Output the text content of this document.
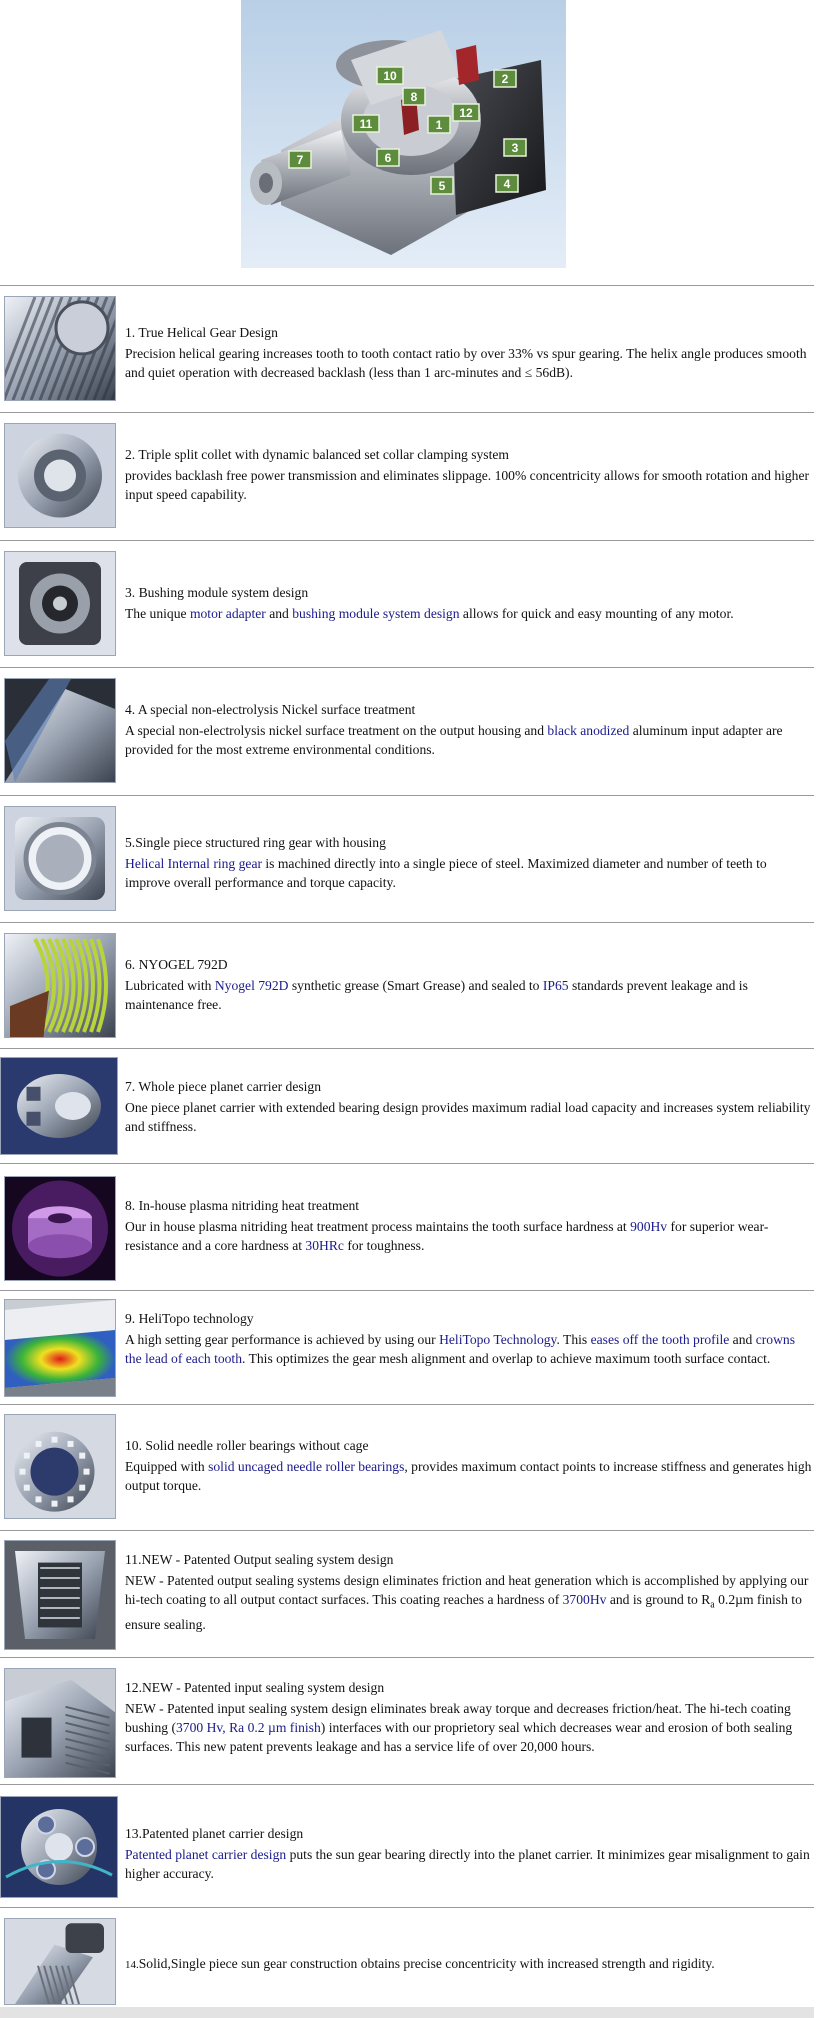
10	2
8
12
1
11
7	6
3
5	4
1. True Helical Gear Design
Precision helical gearing increases tooth to tooth contact ratio by over 33% vs spur gearing. The helix angle produces smooth and quiet operation with decreased backlash (less than 1 arc-minutes and ≤ 56dB).
2. Triple split collet with dynamic balanced set collar clamping system
provides backlash free power transmission and eliminates slippage. 100% concentricity allows for smooth rotation and higher input speed capability.
3. Bushing module system design
The unique motor adapter and bushing module system design allows for quick and easy mounting of any motor.
4. A special non-electrolysis Nickel surface treatment
A special non-electrolysis nickel surface treatment on the output housing and black anodized aluminum input adapter are provided for the most extreme environmental conditions.
5.Single piece structured ring gear with housing
Helical Internal ring gear is machined directly into a single piece of steel. Maximized diameter and number of teeth to improve overall performance and torque capacity.
6. NYOGEL 792D
Lubricated with Nyogel 792D synthetic grease (Smart Grease) and sealed to IP65 standards prevent leakage and is maintenance free.
7. Whole piece planet carrier design
One piece planet carrier with extended bearing design provides maximum radial load capacity and increases system reliability and stiffness.
8. In-house plasma nitriding heat treatment
Our in house plasma nitriding heat treatment process maintains the tooth surface hardness at 900Hv for superior wear-resistance and a core hardness at 30HRc for toughness.
9. HeliTopo technology
A high setting gear performance is achieved by using our HeliTopo Technology. This eases off the tooth profile and crowns the lead of each tooth. This optimizes the gear mesh alignment and overlap to achieve maximum tooth surface contact.
10. Solid needle roller bearings without cage
Equipped with solid uncaged needle roller bearings, provides maximum contact points to increase stiffness and generates high output torque.
11.NEW - Patented Output sealing system design
NEW - Patented output sealing systems design eliminates friction and heat generation which is accomplished by applying our hi-tech coating to all output contact surfaces. This coating reaches a hardness of 3700Hv and is ground to $R_a$ 0.2µm finish to ensure sealing.
12.NEW - Patented input sealing system design
NEW - Patented input sealing system design eliminates break away torque and decreases friction/heat. The hi-tech coating bushing (3700 Hv, Ra 0.2 µm finish) interfaces with our proprietory seal which decreases wear and erosion of both sealing surfaces. This new patent prevents leakage and has a service life of over 20,000 hours.
13.Patented planet carrier design
Patented planet carrier design puts the sun gear bearing directly into the planet carrier. It minimizes gear misalignment to gain higher accuracy.
14.Solid,Single piece sun gear construction obtains precise concentricity with increased strength and rigidity.
